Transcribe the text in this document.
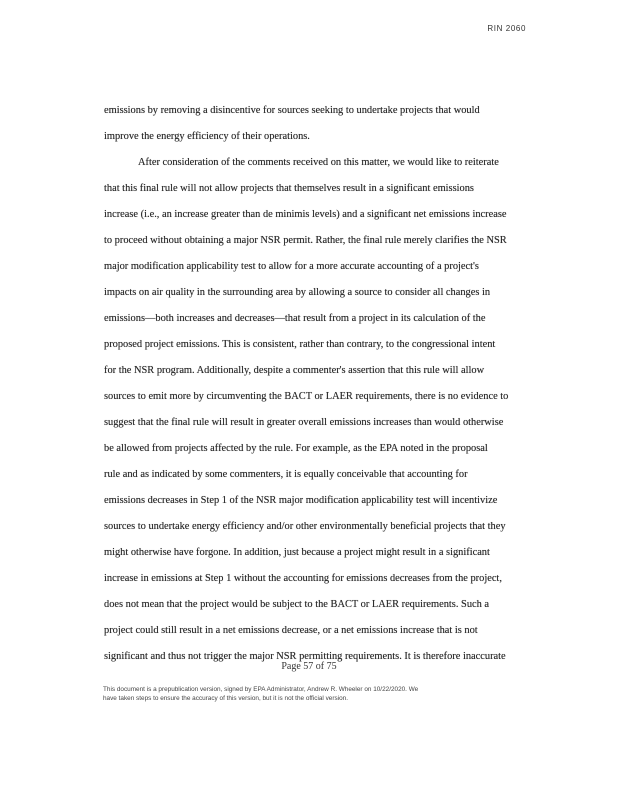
RIN 2060
emissions by removing a disincentive for sources seeking to undertake projects that would
improve the energy efficiency of their operations.
After consideration of the comments received on this matter, we would like to reiterate
that this final rule will not allow projects that themselves result in a significant emissions
increase (i.e., an increase greater than de minimis levels) and a significant net emissions increase
to proceed without obtaining a major NSR permit. Rather, the final rule merely clarifies the NSR
major modification applicability test to allow for a more accurate accounting of a project's
impacts on air quality in the surrounding area by allowing a source to consider all changes in
emissions—both increases and decreases—that result from a project in its calculation of the
proposed project emissions. This is consistent, rather than contrary, to the congressional intent
for the NSR program. Additionally, despite a commenter's assertion that this rule will allow
sources to emit more by circumventing the BACT or LAER requirements, there is no evidence to
suggest that the final rule will result in greater overall emissions increases than would otherwise
be allowed from projects affected by the rule. For example, as the EPA noted in the proposal
rule and as indicated by some commenters, it is equally conceivable that accounting for
emissions decreases in Step 1 of the NSR major modification applicability test will incentivize
sources to undertake energy efficiency and/or other environmentally beneficial projects that they
might otherwise have forgone. In addition, just because a project might result in a significant
increase in emissions at Step 1 without the accounting for emissions decreases from the project,
does not mean that the project would be subject to the BACT or LAER requirements. Such a
project could still result in a net emissions decrease, or a net emissions increase that is not
significant and thus not trigger the major NSR permitting requirements. It is therefore inaccurate
Page 57 of 75
This document is a prepublication version, signed by EPA Administrator, Andrew R. Wheeler on 10/22/2020. We
have taken steps to ensure the accuracy of this version, but it is not the official version.
